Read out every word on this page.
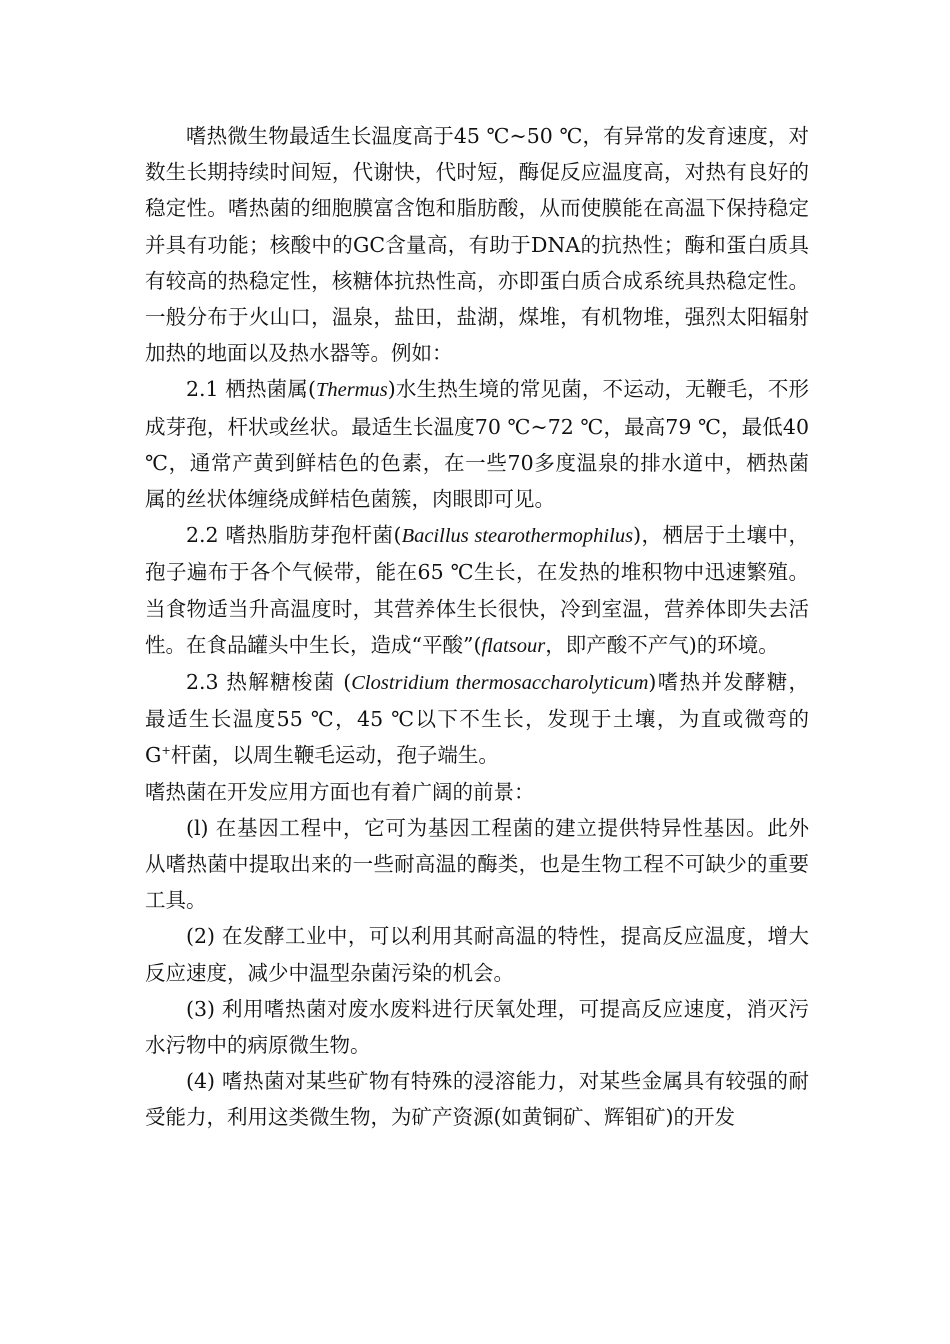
嗜热微生物最适生长温度高于45 ℃~50 ℃，有异常的发育速度，对数生长期持续时间短，代谢快，代时短，酶促反应温度高，对热有良好的稳定性。嗜热菌的细胞膜富含饱和脂肪酸，从而使膜能在高温下保持稳定并具有功能；核酸中的GC含量高，有助于DNA的抗热性；酶和蛋白质具有较高的热稳定性，核糖体抗热性高，亦即蛋白质合成系统具热稳定性。一般分布于火山口，温泉，盐田，盐湖，煤堆，有机物堆，强烈太阳辐射加热的地面以及热水器等。例如：

2.1 栖热菌属(Thermus)水生热生境的常见菌，不运动，无鞭毛，不形成芽孢，杆状或丝状。最适生长温度70 ℃~72 ℃，最高79 ℃，最低40 ℃，通常产黄到鲜桔色的色素，在一些70多度温泉的排水道中，栖热菌属的丝状体缠绕成鲜桔色菌簇，肉眼即可见。

2.2 嗜热脂肪芽孢杆菌(Bacillus stearothermophilus)，栖居于土壤中，孢子遍布于各个气候带，能在65 ℃生长，在发热的堆积物中迅速繁殖。当食物适当升高温度时，其营养体生长很快，冷到室温，营养体即失去活性。在食品罐头中生长，造成“平酸”(flatsour，即产酸不产气)的环境。

2.3 热解糖梭菌 (Clostridium thermosaccharolyticum)嗜热并发酵糖，最适生长温度55 ℃，45 ℃以下不生长，发现于土壤，为直或微弯的 G+杆菌，以周生鞭毛运动，孢子端生。

嗜热菌在开发应用方面也有着广阔的前景：

(l) 在基因工程中，它可为基因工程菌的建立提供特异性基因。此外从嗜热菌中提取出来的一些耐高温的酶类，也是生物工程不可缺少的重要工具。

(2) 在发酵工业中，可以利用其耐高温的特性，提高反应温度，增大反应速度，减少中温型杂菌污染的机会。

(3) 利用嗜热菌对废水废料进行厌氧处理，可提高反应速度，消灭污水污物中的病原微生物。

(4) 嗜热菌对某些矿物有特殊的浸溶能力，对某些金属具有较强的耐受能力，利用这类微生物，为矿产资源(如黄铜矿、辉钼矿)的开发
